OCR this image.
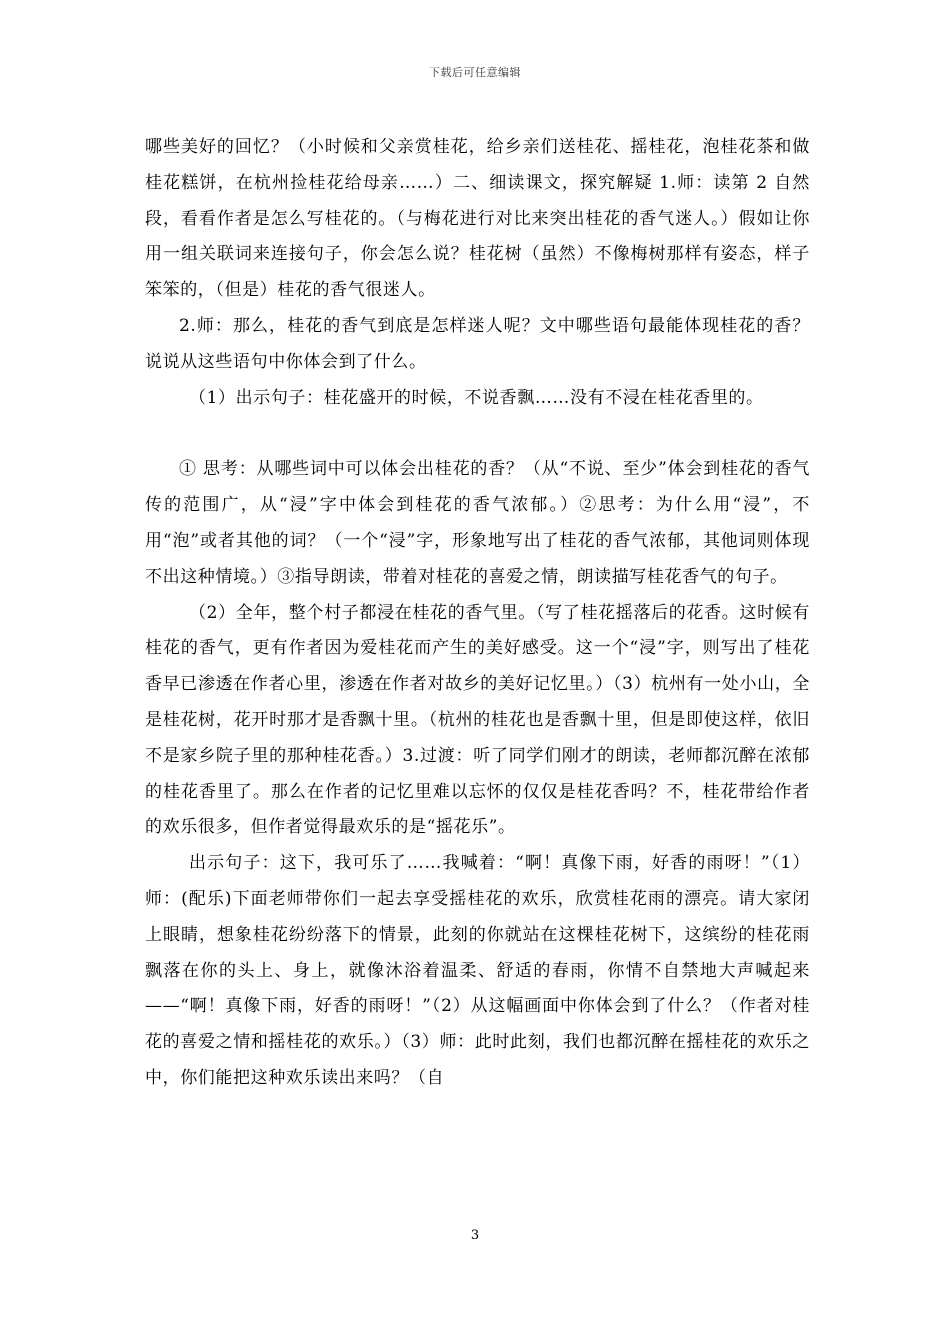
下载后可任意编辑

哪些美好的回忆？（小时候和父亲赏桂花，给乡亲们送桂花、摇桂花，泡桂花茶和做桂花糕饼，在杭州捡桂花给母亲……）二、细读课文，探究解疑 1.师：读第 2 自然段，看看作者是怎么写桂花的。（与梅花进行对比来突出桂花的香气迷人。）假如让你用一组关联词来连接句子，你会怎么说？桂花树（虽然）不像梅树那样有姿态，样子笨笨的，（但是）桂花的香气很迷人。

2.师：那么，桂花的香气到底是怎样迷人呢？文中哪些语句最能体现桂花的香？说说从这些语句中你体会到了什么。

（1）出示句子：桂花盛开的时候，不说香飘……没有不浸在桂花香里的。

① 思考：从哪些词中可以体会出桂花的香？（从“不说、至少”体会到桂花的香气传的范围广，从“浸”字中体会到桂花的香气浓郁。）②思考：为什么用“浸”，不用“泡”或者其他的词？（一个“浸”字，形象地写出了桂花的香气浓郁，其他词则体现不出这种情境。）③指导朗读，带着对桂花的喜爱之情，朗读描写桂花香气的句子。

（2）全年，整个村子都浸在桂花的香气里。（写了桂花摇落后的花香。这时候有桂花的香气，更有作者因为爱桂花而产生的美好感受。这一个“浸”字，则写出了桂花香早已渗透在作者心里，渗透在作者对故乡的美好记忆里。）（3）杭州有一处小山，全是桂花树，花开时那才是香飘十里。（杭州的桂花也是香飘十里，但是即使这样，依旧不是家乡院子里的那种桂花香。）3.过渡：听了同学们刚才的朗读，老师都沉醉在浓郁的桂花香里了。那么在作者的记忆里难以忘怀的仅仅是桂花香吗？不，桂花带给作者的欢乐很多，但作者觉得最欢乐的是“摇花乐”。

出示句子：这下，我可乐了……我喊着：“啊！真像下雨，好香的雨呀！”（1）师：(配乐)下面老师带你们一起去享受摇桂花的欢乐，欣赏桂花雨的漂亮。请大家闭上眼睛，想象桂花纷纷落下的情景，此刻的你就站在这棵桂花树下，这缤纷的桂花雨飘落在你的头上、身上，就像沐浴着温柔、舒适的春雨，你情不自禁地大声喊起来——“啊！真像下雨，好香的雨呀！”（2）从这幅画面中你体会到了什么？（作者对桂花的喜爱之情和摇桂花的欢乐。）（3）师：此时此刻，我们也都沉醉在摇桂花的欢乐之中，你们能把这种欢乐读出来吗？（自

3
